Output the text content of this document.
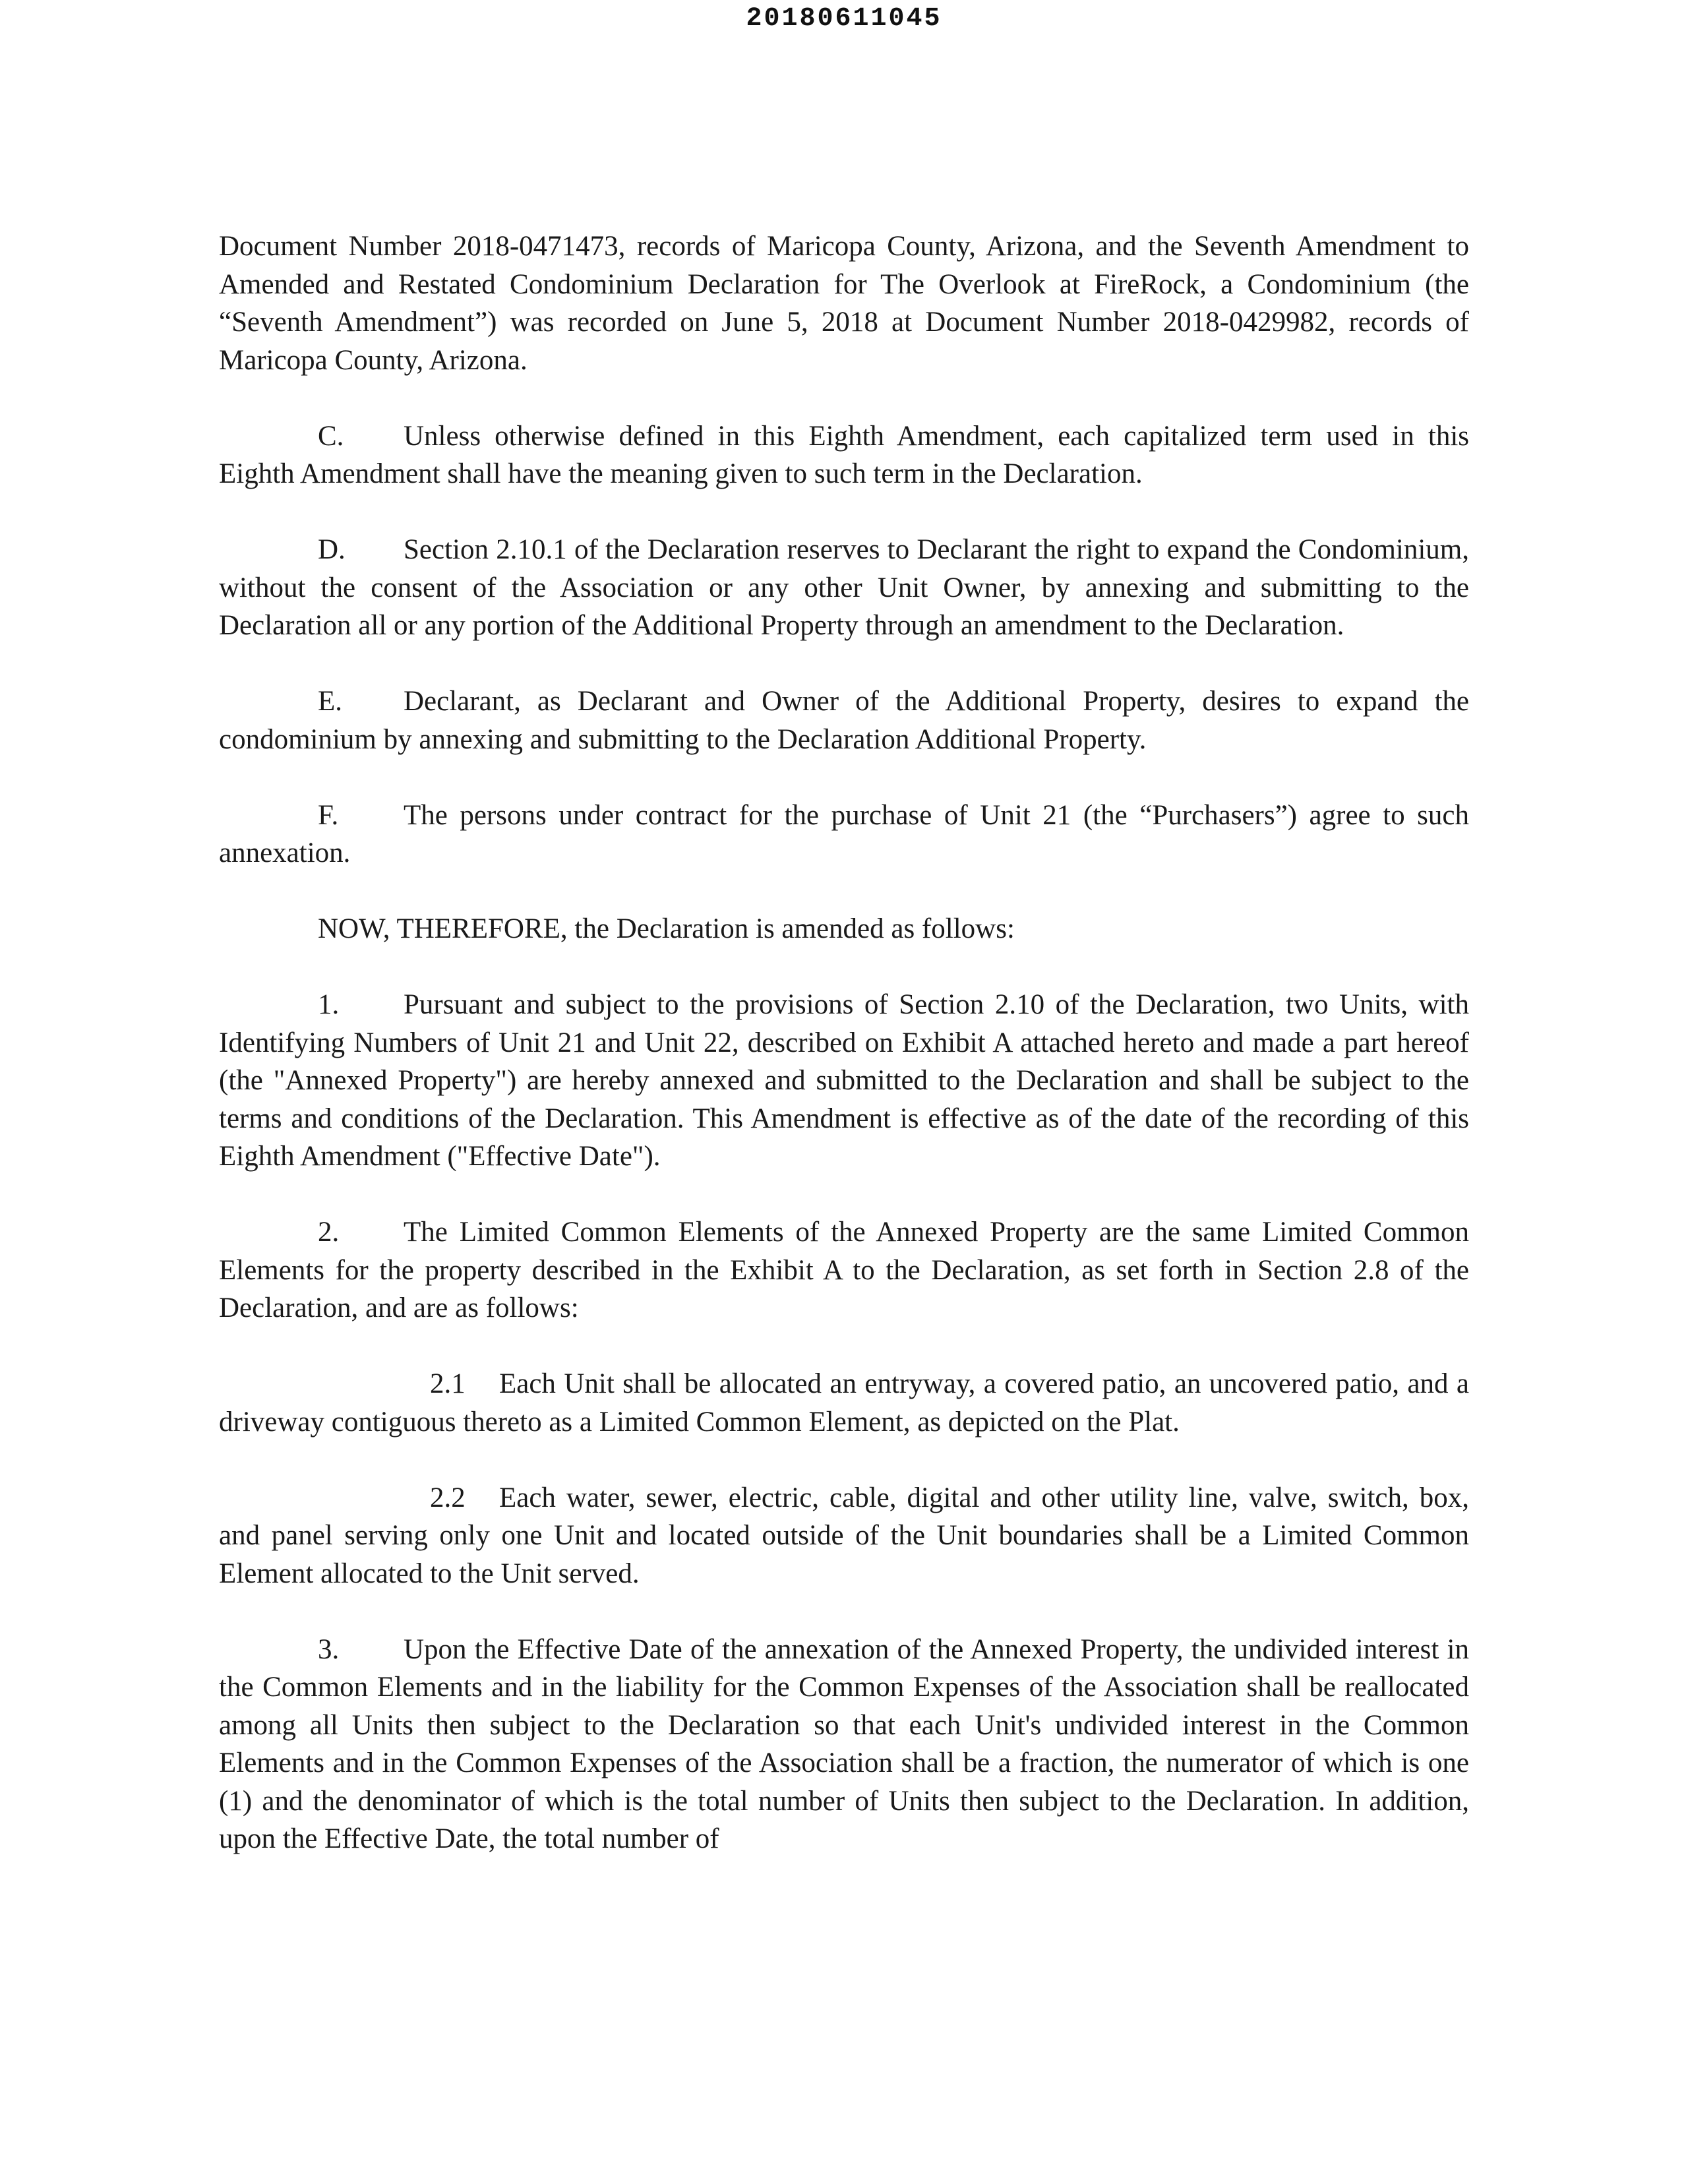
20180611045

Document Number 2018-0471473, records of Maricopa County, Arizona, and the Seventh Amendment to Amended and Restated Condominium Declaration for The Overlook at FireRock, a Condominium (the “Seventh Amendment”) was recorded on June 5, 2018 at Document Number 2018-0429982, records of Maricopa County, Arizona.

C. Unless otherwise defined in this Eighth Amendment, each capitalized term used in this Eighth Amendment shall have the meaning given to such term in the Declaration.

D. Section 2.10.1 of the Declaration reserves to Declarant the right to expand the Condominium, without the consent of the Association or any other Unit Owner, by annexing and submitting to the Declaration all or any portion of the Additional Property through an amendment to the Declaration.

E. Declarant, as Declarant and Owner of the Additional Property, desires to expand the condominium by annexing and submitting to the Declaration Additional Property.

F. The persons under contract for the purchase of Unit 21 (the “Purchasers”) agree to such annexation.

NOW, THEREFORE, the Declaration is amended as follows:

1. Pursuant and subject to the provisions of Section 2.10 of the Declaration, two Units, with Identifying Numbers of Unit 21 and Unit 22, described on Exhibit A attached hereto and made a part hereof (the "Annexed Property") are hereby annexed and submitted to the Declaration and shall be subject to the terms and conditions of the Declaration. This Amendment is effective as of the date of the recording of this Eighth Amendment ("Effective Date").

2. The Limited Common Elements of the Annexed Property are the same Limited Common Elements for the property described in the Exhibit A to the Declaration, as set forth in Section 2.8 of the Declaration, and are as follows:

2.1 Each Unit shall be allocated an entryway, a covered patio, an uncovered patio, and a driveway contiguous thereto as a Limited Common Element, as depicted on the Plat.

2.2 Each water, sewer, electric, cable, digital and other utility line, valve, switch, box, and panel serving only one Unit and located outside of the Unit boundaries shall be a Limited Common Element allocated to the Unit served.

3. Upon the Effective Date of the annexation of the Annexed Property, the undivided interest in the Common Elements and in the liability for the Common Expenses of the Association shall be reallocated among all Units then subject to the Declaration so that each Unit's undivided interest in the Common Elements and in the Common Expenses of the Association shall be a fraction, the numerator of which is one (1) and the denominator of which is the total number of Units then subject to the Declaration. In addition, upon the Effective Date, the total number of
